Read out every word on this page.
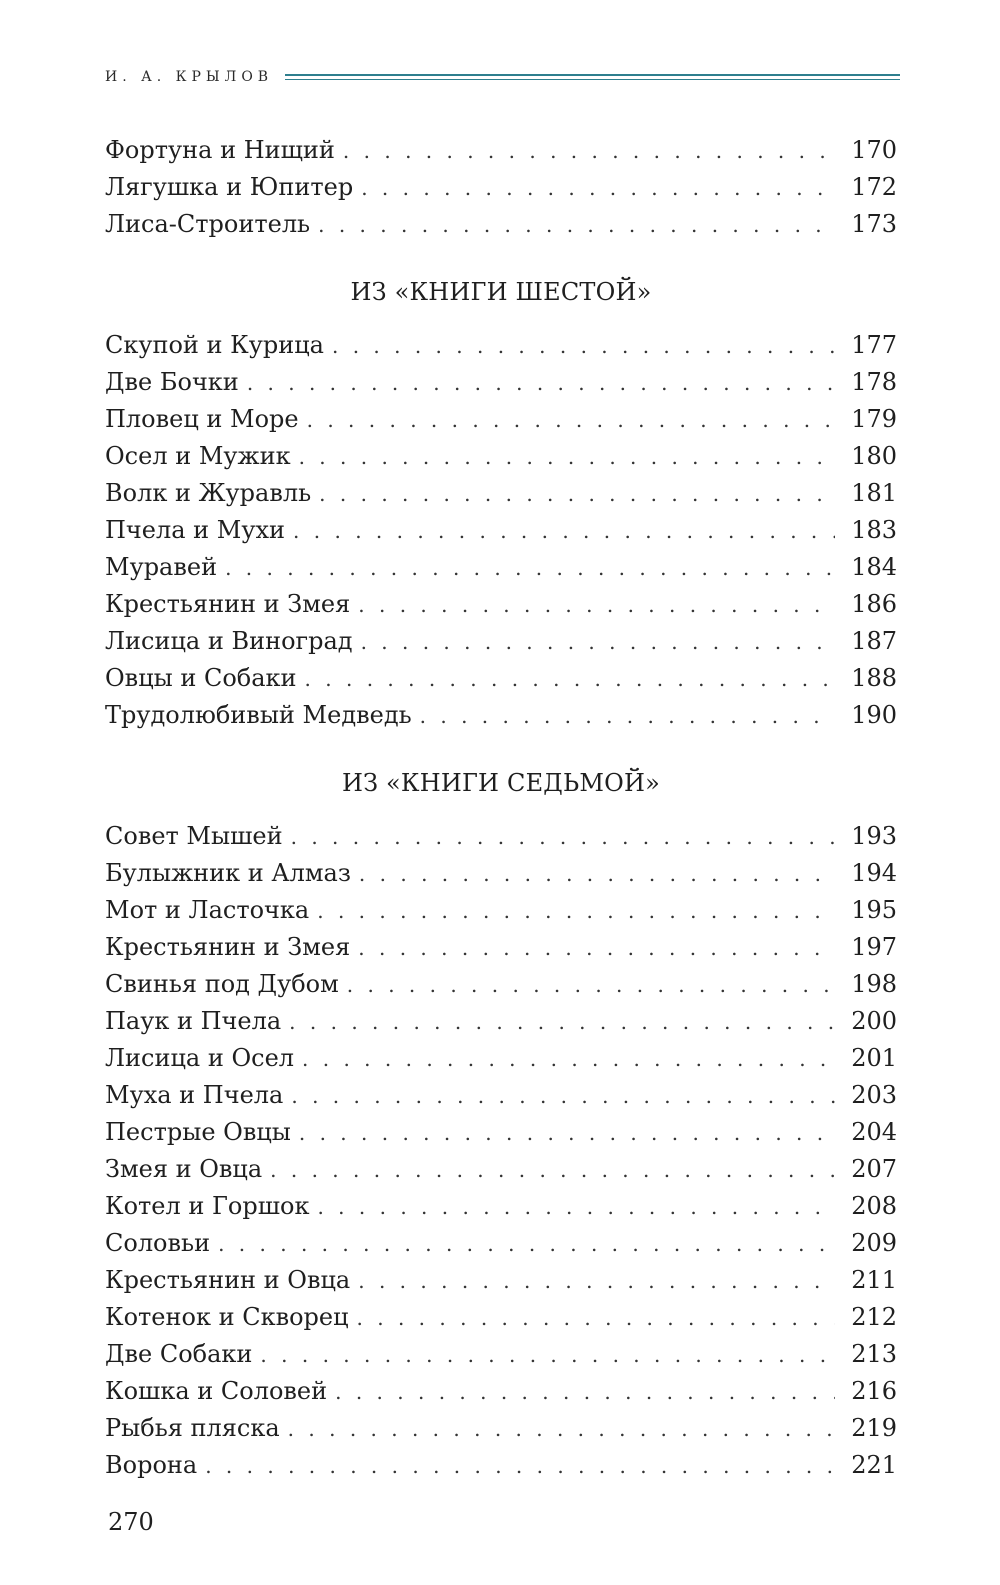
И. А. КРЫЛОВ
Фортуна и Нищий . . .	170
Лягушка и Юпитер . . .	172
Лиса-Строитель . . .	173
ИЗ «КНИГИ ШЕСТОЙ»
Скупой и Курица . . .	177
Две Бочки . . .	178
Пловец и Море . . .	179
Осел и Мужик . . .	180
Волк и Журавль . . .	181
Пчела и Мухи . . .	183
Муравей . . .	184
Крестьянин и Змея . . .	186
Лисица и Виноград . . .	187
Овцы и Собаки . . .	188
Трудолюбивый Медведь . . .	190
ИЗ «КНИГИ СЕДЬМОЙ»
Совет Мышей . . .	193
Булыжник и Алмаз . . .	194
Мот и Ласточка . . .	195
Крестьянин и Змея . . .	197
Свинья под Дубом . . .	198
Паук и Пчела . . .	200
Лисица и Осел . . .	201
Муха и Пчела . . .	203
Пестрые Овцы . . .	204
Змея и Овца . . .	207
Котел и Горшок . . .	208
Соловьи . . .	209
Крестьянин и Овца . . .	211
Котенок и Скворец . . .	212
Две Собаки . . .	213
Кошка и Соловей . . .	216
Рыбья пляска . . .	219
Ворона . . .	221
270
